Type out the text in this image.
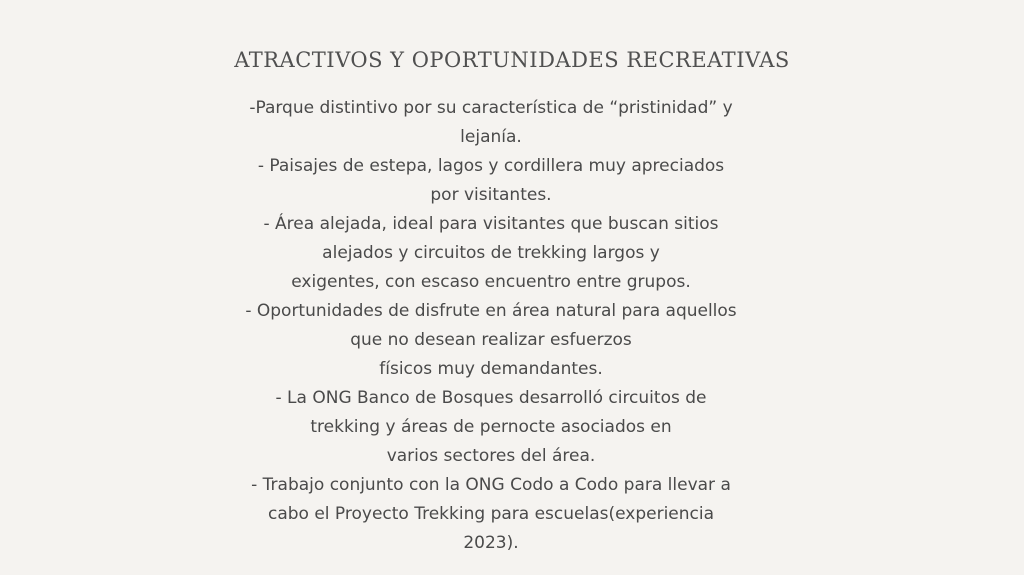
ATRACTIVOS Y OPORTUNIDADES RECREATIVAS
-Parque distintivo por su característica de “pristinidad” y
lejanía.
- Paisajes de estepa, lagos y cordillera muy apreciados
por visitantes.
- Área alejada, ideal para visitantes que buscan sitios
alejados y circuitos de trekking largos y
exigentes, con escaso encuentro entre grupos.
- Oportunidades de disfrute en área natural para aquellos
que no desean realizar esfuerzos
físicos muy demandantes.
- La ONG Banco de Bosques desarrolló circuitos de
trekking y áreas de pernocte asociados en
varios sectores del área.
- Trabajo conjunto con la ONG Codo a Codo para llevar a
cabo el Proyecto Trekking para escuelas(experiencia
2023).
